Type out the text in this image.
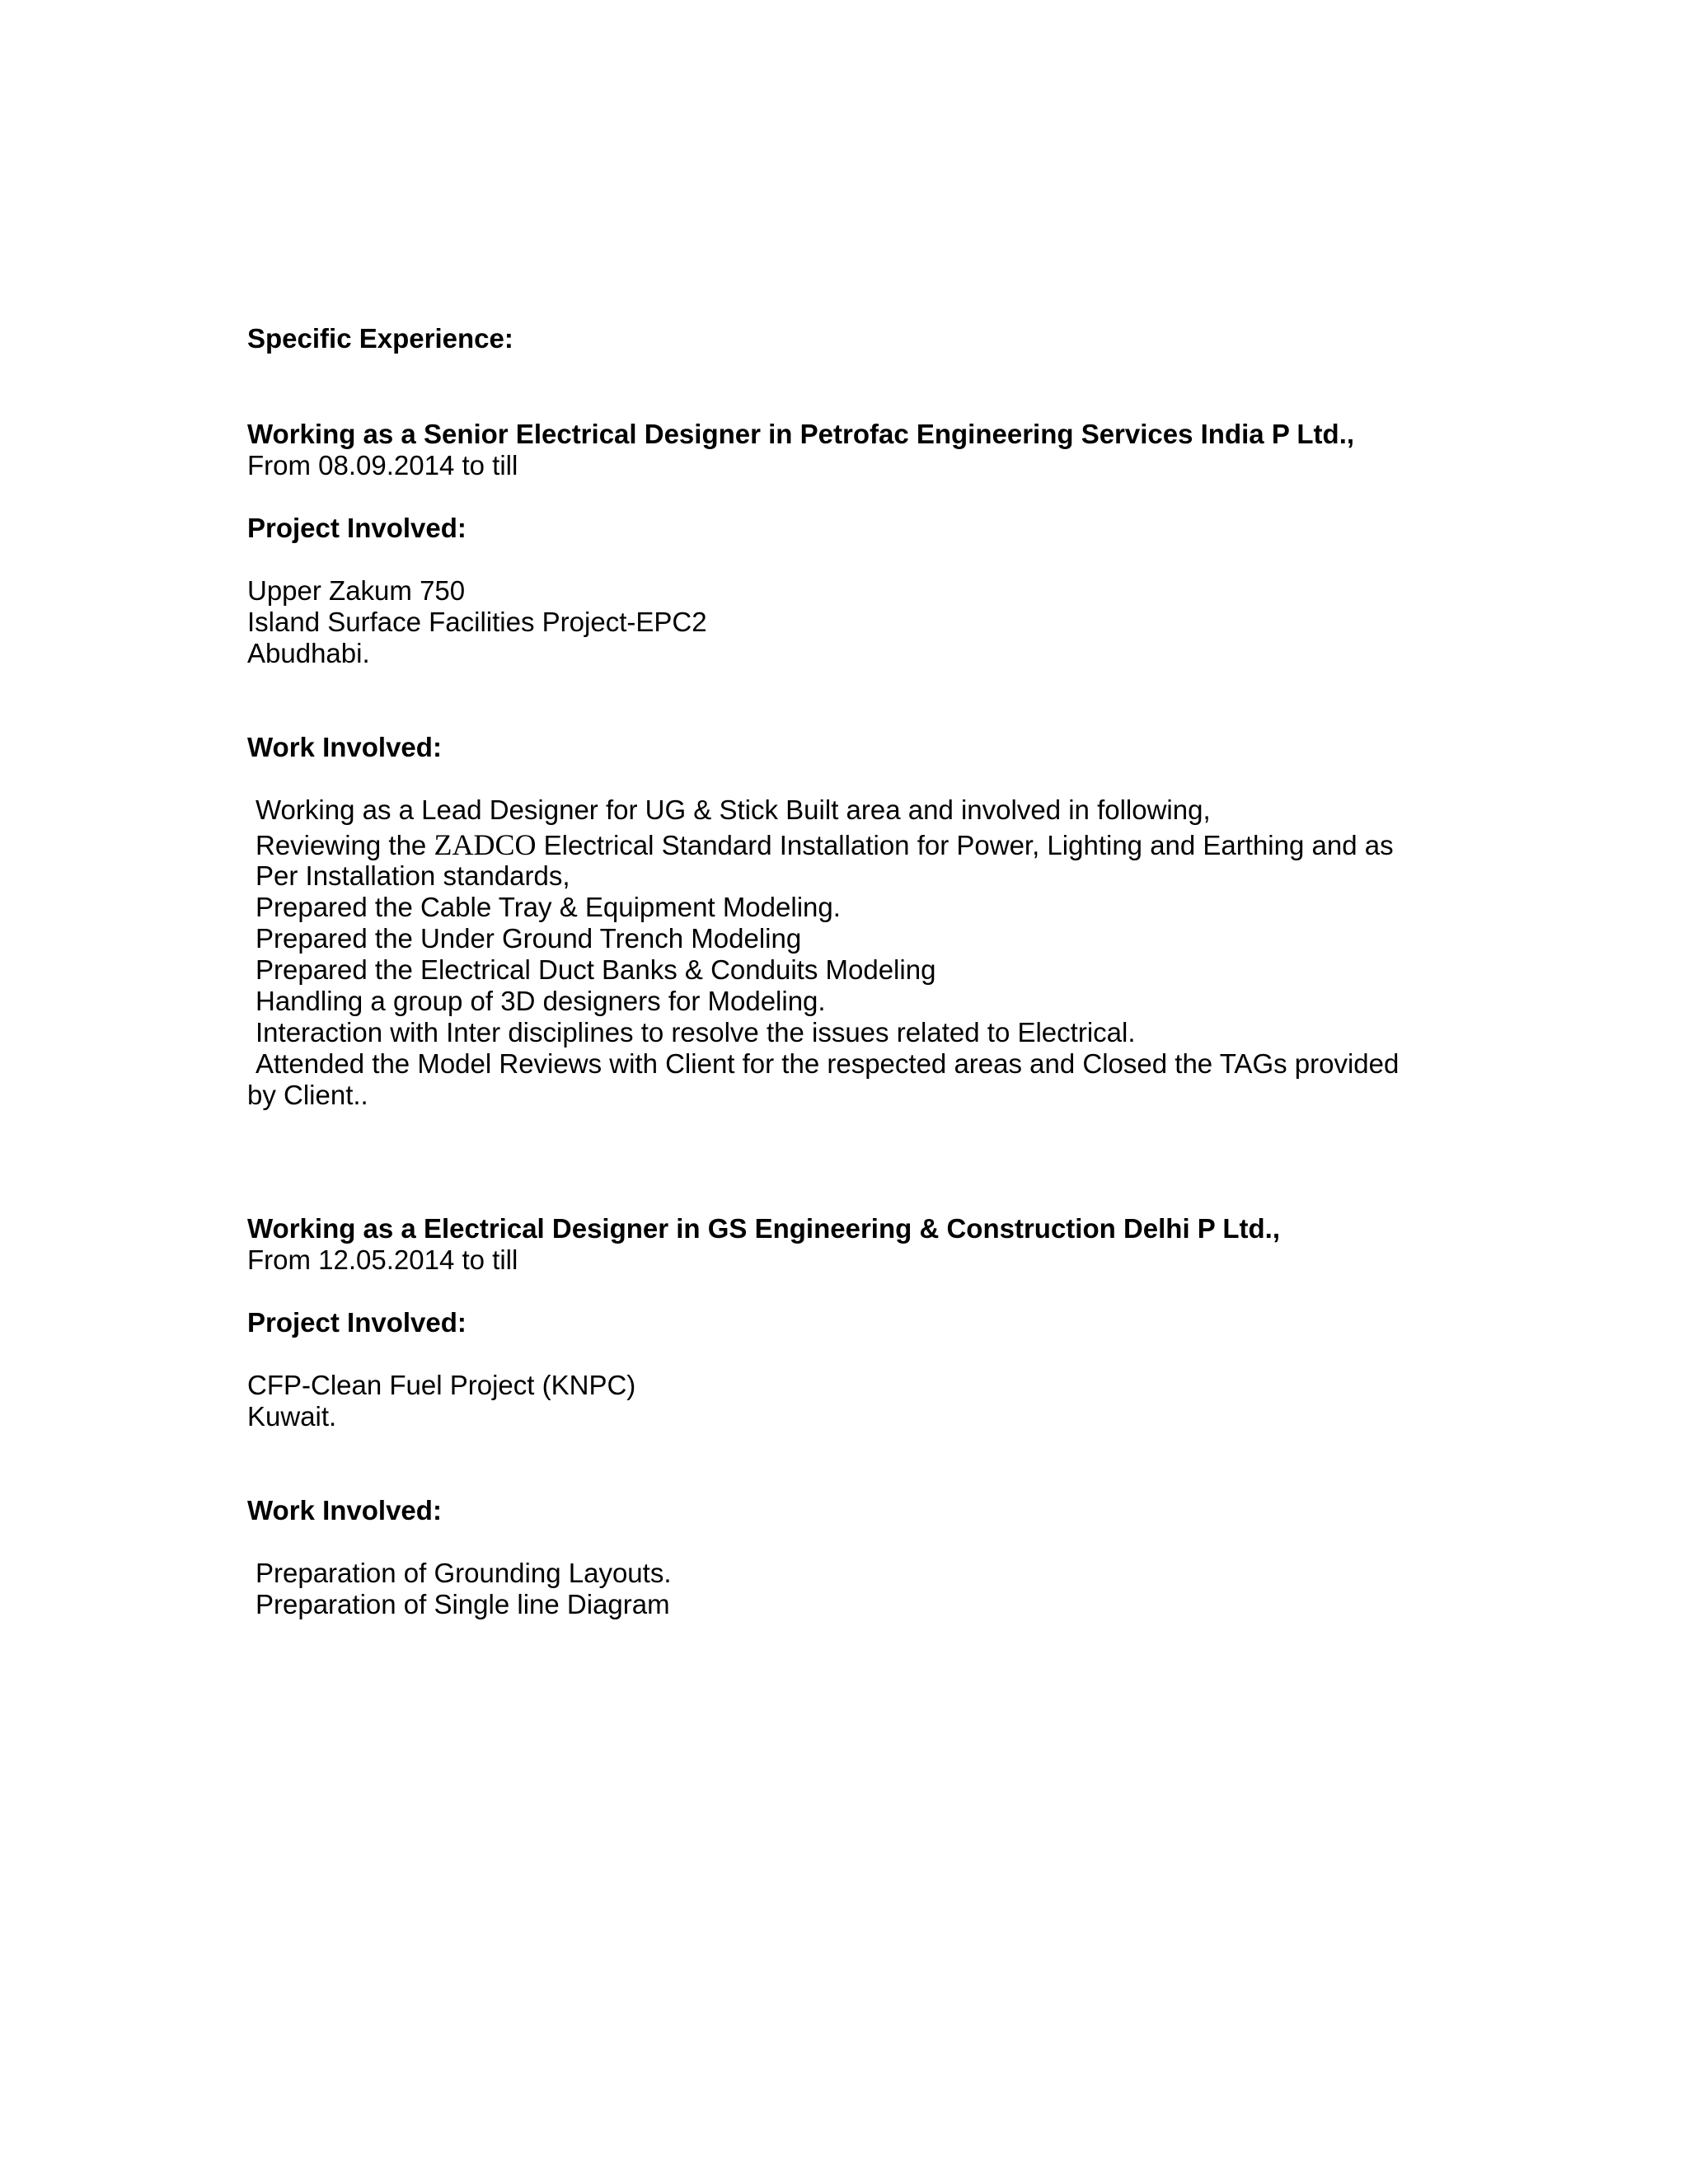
Specific Experience:

Working as a Senior Electrical Designer in Petrofac Engineering Services India P Ltd.,

From 08.09.2014 to till

Project Involved:

Upper Zakum 750

Island Surface Facilities Project-EPC2

Abudhabi.

Work Involved:

Working as a Lead Designer for UG & Stick Built area and involved in following,

Reviewing the ZADCO Electrical Standard Installation for Power, Lighting and Earthing and as

Per Installation standards,

Prepared the Cable Tray & Equipment Modeling.

Prepared the Under Ground Trench Modeling

Prepared the Electrical Duct Banks & Conduits Modeling

Handling a group of 3D designers for Modeling.

Interaction with Inter disciplines to resolve the issues related to Electrical.

Attended the Model Reviews with Client for the respected areas and Closed the TAGs provided

by Client..

Working as a Electrical Designer in GS Engineering & Construction Delhi P Ltd.,

From 12.05.2014 to till

Project Involved:

CFP-Clean Fuel Project (KNPC)

Kuwait.

Work Involved:

Preparation of Grounding Layouts.

Preparation of Single line Diagram
